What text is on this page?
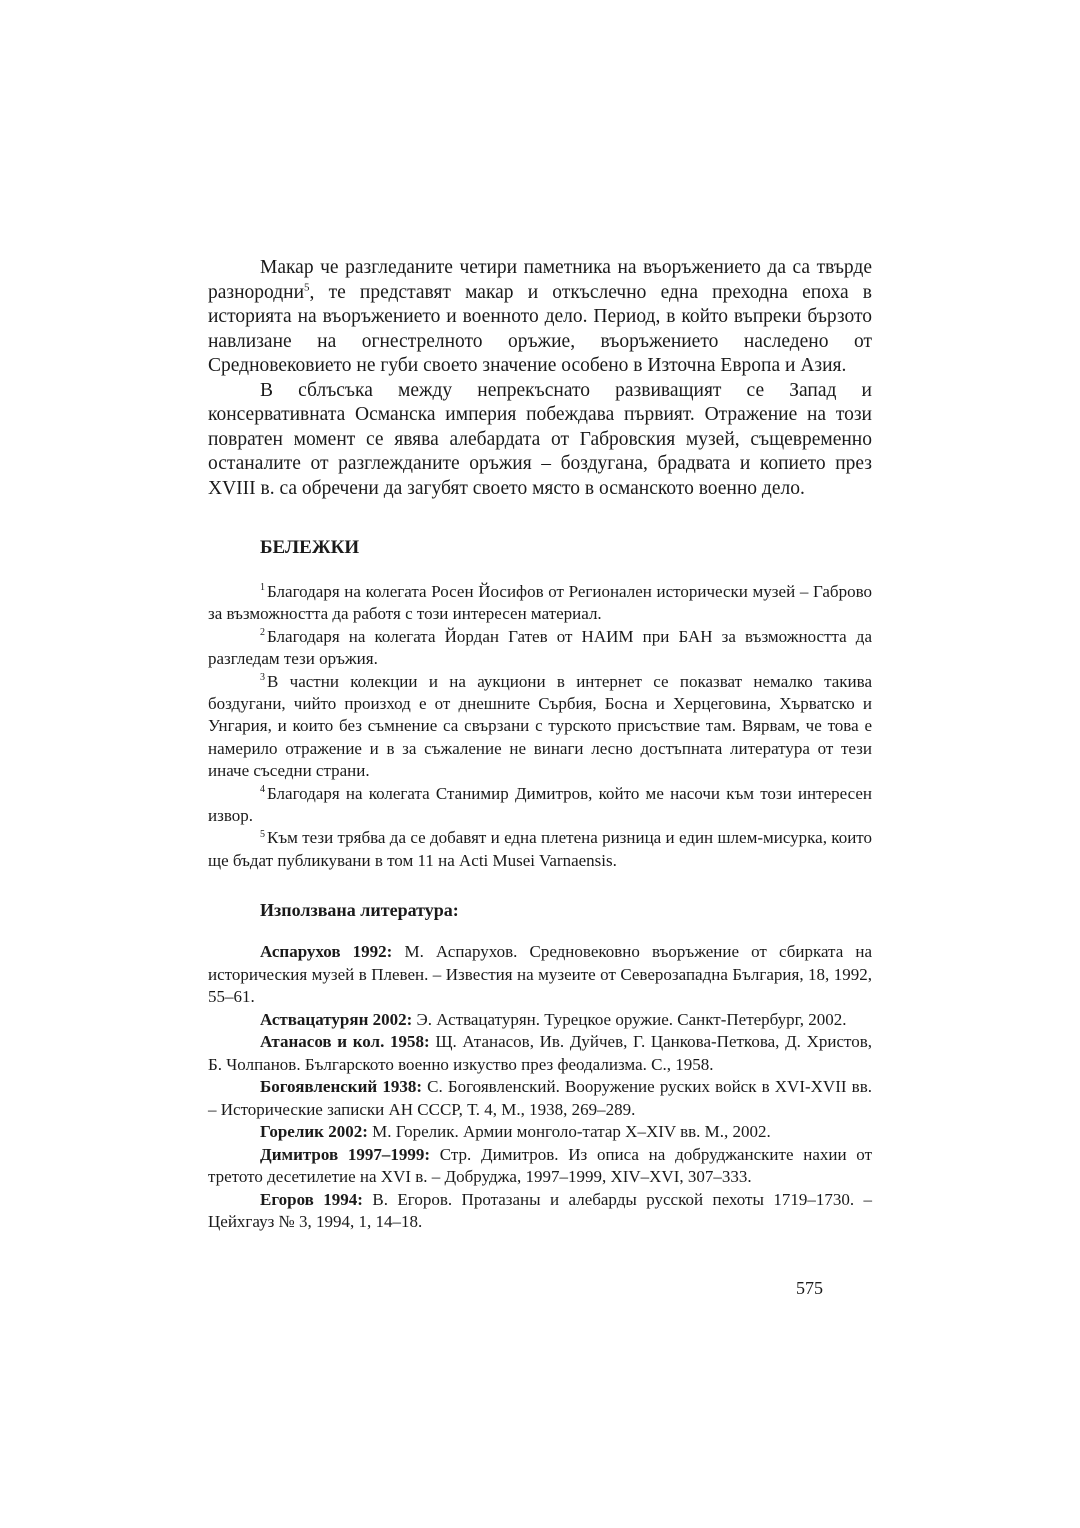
Макар че разгледаните четири паметника на въоръжението да са твърде разнородни$^5$, те представят макар и откъслечно една преходна епоха в историята на въоръжението и военното дело. Период, в който въпреки бързото навлизане на огнестрелното оръжие, въоръжението наследено от Средновековието не губи своето значение особено в Източна Европа и Азия.

В сблъсъка между непрекъснато развиващият се Запад и консервативната Османска империя побеждава първият. Отражение на този повратен момент се явява алебардата от Габровския музей, същевременно останалите от разглежданите оръжия – боздугана, брадвата и копието през XVIII в. са обречени да загубят своето място в османското военно дело.

БЕЛЕЖКИ

$^1$ Благодаря на колегата Росен Йосифов от Регионален исторически музей – Габрово за възможността да работя с този интересен материал.

$^2$ Благодаря на колегата Йордан Гатев от НАИМ при БАН за възможността да разгледам тези оръжия.

$^3$ В частни колекции и на аукциони в интернет се показват немалко такива боздугани, чийто произход е от днешните Сърбия, Босна и Херцеговина, Хърватско и Унгария, и които без съмнение са свързани с турското присъствие там. Вярвам, че това е намерило отражение и в за съжаление не винаги лесно достъпната литература от тези иначе съседни страни.

$^4$ Благодаря на колегата Станимир Димитров, който ме насочи към този интересен извор.

$^5$ Към тези трябва да се добавят и една плетена ризница и един шлем-мисурка, които ще бъдат публикувани в том 11 на Acti Musei Varnaensis.

Използвана литература:

Аспарухов 1992: М. Аспарухов. Средновековно въоръжение от сбирката на историческия музей в Плевен. – Известия на музеите от Северозападна България, 18, 1992, 55–61.

Аствацатурян 2002: Э. Аствацатурян. Турецкое оружие. Санкт-Петербург, 2002.

Атанасов и кол. 1958: Щ. Атанасов, Ив. Дуйчев, Г. Цанкова-Петкова, Д. Христов, Б. Чолпанов. Българското военно изкуство през феодализма. С., 1958.

Богоявленский 1938: С. Богоявленский. Вооружение руских войск в XVI-XVII вв. – Исторические записки АН СССР, Т. 4, М., 1938, 269–289.

Горелик 2002: М. Горелик. Армии монголо-татар X–XIV вв. М., 2002.

Димитров 1997–1999: Стр. Димитров. Из описа на добруджанските нахии от третото десетилетие на XVI в. – Добруджа, 1997–1999, XIV–XVI, 307–333.

Егоров 1994: В. Егоров. Протазаны и алебарды русской пехоты 1719–1730. – Цейхгауз № 3, 1994, 1, 14–18.

575
